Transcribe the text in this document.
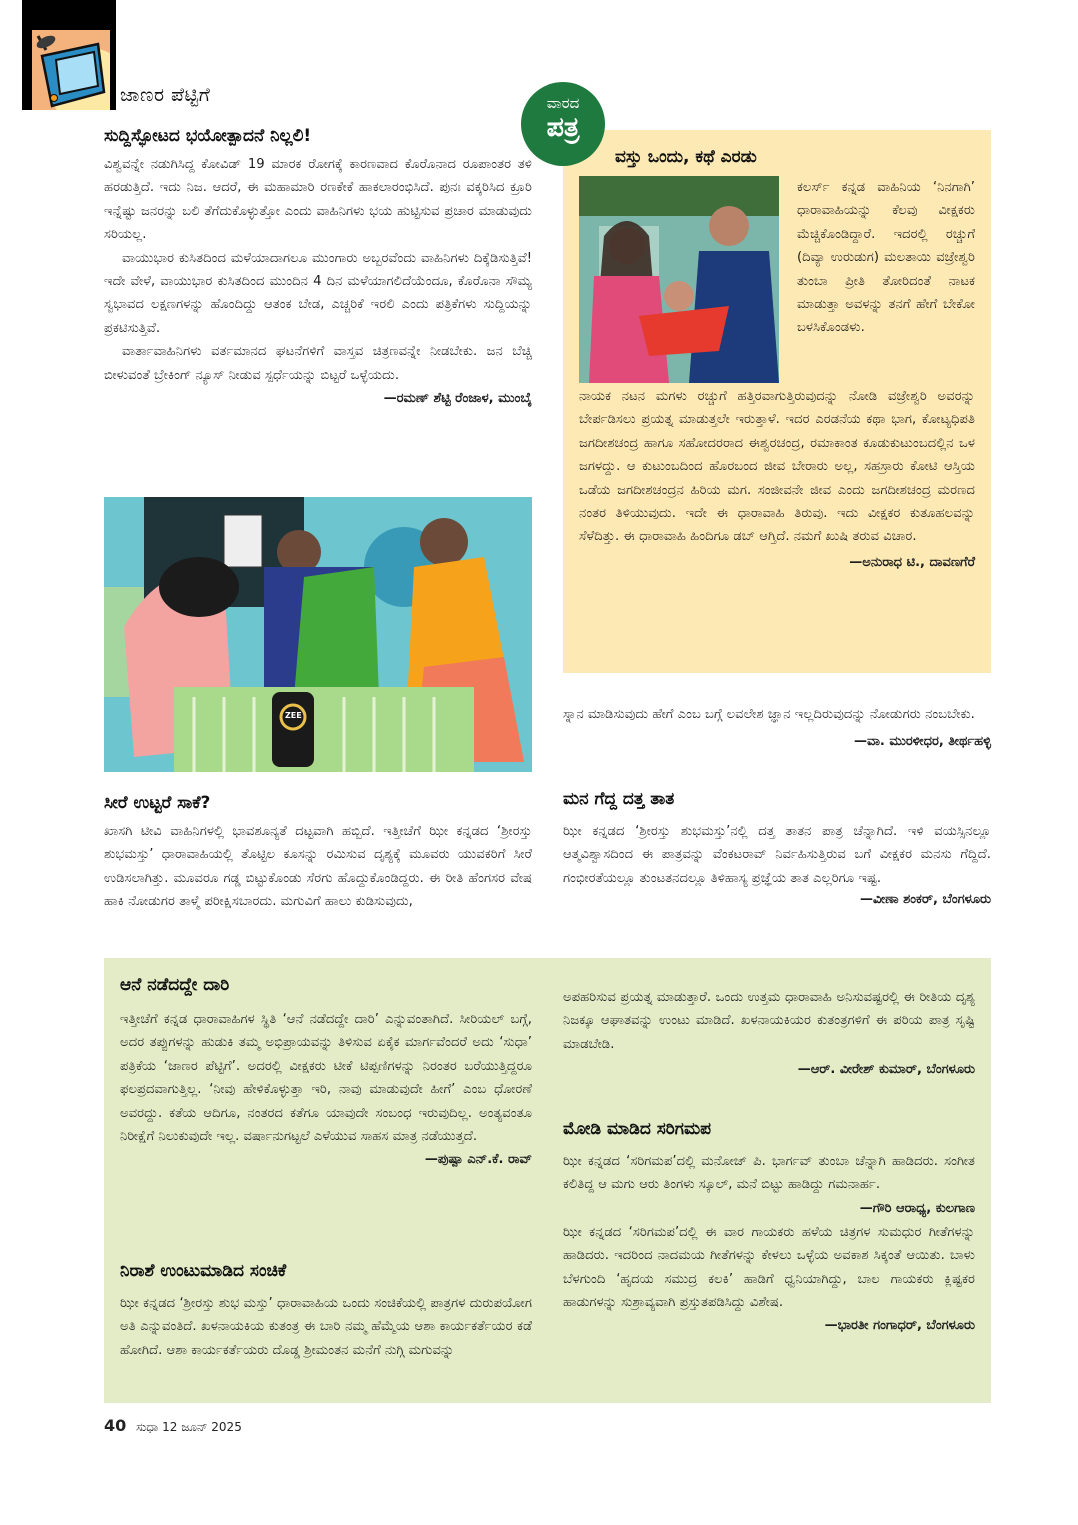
ಜಾಣರ ಪೆಟ್ಟಿಗೆ	ವಾರದ
ಪತ್ರ
ಸುದ್ದಿಸ್ಫೋಟದ ಭಯೋತ್ಪಾದನೆ ನಿಲ್ಲಲಿ!

ವಿಶ್ವವನ್ನೇ ನಡುಗಿಸಿದ್ದ ಕೋವಿಡ್ 19 ಮಾರಕ ರೋಗಕ್ಕೆ ಕಾರಣವಾದ ಕೊರೊನಾದ ರೂಪಾಂತರ ತಳಿ ಹರಡುತ್ತಿದೆ. ಇದು ನಿಜ. ಆದರೆ, ಈ ಮಹಾಮಾರಿ ರಣಕೇಕೆ ಹಾಕಲಾರಂಭಿಸಿದೆ. ಪುನಃ ವಕ್ಕರಿಸಿದ ಕ್ರೂರಿ ಇನ್ನೆಷ್ಟು ಜನರನ್ನು ಬಲಿ ತೆಗೆದುಕೊಳ್ಳುತ್ತೋ ಎಂದು ವಾಹಿನಿಗಳು ಭಯ ಹುಟ್ಟಿಸುವ ಪ್ರಚಾರ ಮಾಡುವುದು ಸರಿಯಲ್ಲ.

ವಾಯುಭಾರ ಕುಸಿತದಿಂದ ಮಳೆಯಾದಾಗಲೂ ಮುಂಗಾರು ಅಬ್ಬರವೆಂದು ವಾಹಿನಿಗಳು ದಿಕ್ಕೆಡಿಸುತ್ತಿವೆ! ಇದೇ ವೇಳೆ, ವಾಯುಭಾರ ಕುಸಿತದಿಂದ ಮುಂದಿನ 4 ದಿನ ಮಳೆಯಾಗಲಿದೆಯೆಂದೂ, ಕೊರೊನಾ ಸೌಮ್ಯ ಸ್ವಭಾವದ ಲಕ್ಷಣಗಳನ್ನು ಹೊಂದಿದ್ದು ಆತಂಕ ಬೇಡ, ಎಚ್ಚರಿಕೆ ಇರಲಿ ಎಂದು ಪತ್ರಿಕೆಗಳು ಸುದ್ದಿಯನ್ನು ಪ್ರಕಟಿಸುತ್ತಿವೆ.

ವಾರ್ತಾವಾಹಿನಿಗಳು ವರ್ತಮಾನದ ಘಟನೆಗಳಿಗೆ ವಾಸ್ತವ ಚಿತ್ರಣವನ್ನೇ ನೀಡಬೇಕು. ಜನ ಬೆಚ್ಚಿ ಬೀಳುವಂತೆ ಬ್ರೇಕಿಂಗ್ ನ್ಯೂಸ್ ನೀಡುವ ಸ್ಪರ್ಧೆಯನ್ನು ಬಿಟ್ಟರೆ ಒಳ್ಳೆಯದು.

—ರಮಣ್ ಶೆಟ್ಟಿ ರೆಂಜಾಳ, ಮುಂಬೈ
ZEE
ಸೀರೆ ಉಟ್ಟರೆ ಸಾಕೆ?

ಖಾಸಗಿ ಟೀವಿ ವಾಹಿನಿಗಳಲ್ಲಿ ಭಾವಶೂನ್ಯತೆ ದಟ್ಟವಾಗಿ ಹಬ್ಬಿದೆ. ಇತ್ತೀಚೆಗೆ ಝೀ ಕನ್ನಡದ ‘ಶ್ರೀರಸ್ತು ಶುಭಮಸ್ತು’ ಧಾರಾವಾಹಿಯಲ್ಲಿ ತೊಟ್ಟಿಲ ಕೂಸನ್ನು ರಮಿಸುವ ದೃಶ್ಯಕ್ಕೆ ಮೂವರು ಯುವಕರಿಗೆ ಸೀರೆ ಉಡಿಸಲಾಗಿತ್ತು. ಮೂವರೂ ಗಡ್ಡ ಬಿಟ್ಟುಕೊಂಡು ಸೆರಗು ಹೊದ್ದುಕೊಂಡಿದ್ದರು. ಈ ರೀತಿ ಹೆಂಗಸರ ವೇಷ ಹಾಕಿ ನೋಡುಗರ ತಾಳ್ಮೆ ಪರೀಕ್ಷಿಸಬಾರದು. ಮಗುವಿಗೆ ಹಾಲು ಕುಡಿಸುವುದು,

ವಸ್ತು ಒಂದು, ಕಥೆ ಎರಡು
ಕಲರ್ಸ್ ಕನ್ನಡ ವಾಹಿನಿಯ ‘ನಿನಗಾಗಿ’ ಧಾರಾವಾಹಿಯನ್ನು ಕೆಲವು ವೀಕ್ಷಕರು ಮೆಚ್ಚಿಕೊಂಡಿದ್ದಾರೆ. ಇದರಲ್ಲಿ ರಚ್ಚುಗೆ (ದಿವ್ಯಾ ಉರುಡುಗ) ಮಲತಾಯಿ ವಜ್ರೇಶ್ವರಿ ತುಂಬಾ ಪ್ರೀತಿ ತೋರಿದಂತೆ ನಾಟಕ ಮಾಡುತ್ತಾ ಅವಳನ್ನು ತನಗೆ ಹೇಗೆ ಬೇಕೋ ಬಳಸಿಕೊಂಡಳು.
ನಾಯಕ ನಟನ ಮಗಳು ರಚ್ಚುಗೆ ಹತ್ತಿರವಾಗುತ್ತಿರುವುದನ್ನು ನೋಡಿ ವಜ್ರೇಶ್ವರಿ ಅವರನ್ನು ಬೇರ್ಪಡಿಸಲು ಪ್ರಯತ್ನ ಮಾಡುತ್ತಲೇ ಇರುತ್ತಾಳೆ. ಇದರ ಎರಡನೆಯ ಕಥಾ ಭಾಗ, ಕೋಟ್ಯಧಿಪತಿ ಜಗದೀಶಚಂದ್ರ ಹಾಗೂ ಸಹೋದರರಾದ ಈಶ್ವರಚಂದ್ರ, ರಮಾಕಾಂತ ಕೂಡುಕುಟುಂಬದಲ್ಲಿನ ಒಳ ಜಗಳದ್ದು. ಆ ಕುಟುಂಬದಿಂದ ಹೊರಬಂದ ಜೀವ ಬೇರಾರು ಅಲ್ಲ, ಸಹಸ್ರಾರು ಕೋಟಿ ಆಸ್ತಿಯ ಒಡೆಯ ಜಗದೀಶಚಂದ್ರನ ಹಿರಿಯ ಮಗ. ಸಂಜೀವನೇ ಜೀವ ಎಂದು ಜಗದೀಶಚಂದ್ರ ಮರಣದ ನಂತರ ತಿಳಿಯುವುದು. ಇದೇ ಈ ಧಾರಾವಾಹಿ ತಿರುವು. ಇದು ವೀಕ್ಷಕರ ಕುತೂಹಲವನ್ನು ಸೆಳೆದಿತ್ತು. ಈ ಧಾರಾವಾಹಿ ಹಿಂದಿಗೂ ಡಬ್ ಆಗ್ತಿದೆ. ನಮಗೆ ಖುಷಿ ತರುವ ವಿಚಾರ.
—ಅನುರಾಧ ಟಿ., ದಾವಣಗೆರೆ
ಸ್ನಾನ ಮಾಡಿಸುವುದು ಹೇಗೆ ಎಂಬ ಬಗ್ಗೆ ಲವಲೇಶ ಜ್ಞಾನ ಇಲ್ಲದಿರುವುದನ್ನು ನೋಡುಗರು ನಂಬಬೇಕು.
—ವಾ. ಮುರಳೀಧರ, ತೀರ್ಥಹಳ್ಳಿ
ಮನ ಗೆದ್ದ ದತ್ತ ತಾತ
ಝೀ ಕನ್ನಡದ ‘ಶ್ರೀರಸ್ತು ಶುಭಮಸ್ತು’ನಲ್ಲಿ ದತ್ತ ತಾತನ ಪಾತ್ರ ಚೆನ್ನಾಗಿದೆ. ಇಳಿ ವಯಸ್ಸಿನಲ್ಲೂ ಆತ್ಮವಿಶ್ವಾಸದಿಂದ ಈ ಪಾತ್ರವನ್ನು ವೆಂಕಟರಾವ್ ನಿರ್ವಹಿಸುತ್ತಿರುವ ಬಗೆ ವೀಕ್ಷಕರ ಮನಸು ಗೆದ್ದಿದೆ. ಗಂಭೀರತೆಯಲ್ಲೂ ತುಂಟತನದಲ್ಲೂ ತಿಳಿಹಾಸ್ಯ ಪ್ರಜ್ಞೆಯ ತಾತ ಎಲ್ಲರಿಗೂ ಇಷ್ಟ.
—ವೀಣಾ ಶಂಕರ್, ಬೆಂಗಳೂರು
ಆನೆ ನಡೆದದ್ದೇ ದಾರಿ
ಇತ್ತೀಚೆಗೆ ಕನ್ನಡ ಧಾರಾವಾಹಿಗಳ ಸ್ಥಿತಿ ‘ಆನೆ ನಡೆದದ್ದೇ ದಾರಿ’ ಎನ್ನುವಂತಾಗಿದೆ. ಸೀರಿಯಲ್ ಬಗ್ಗೆ, ಅದರ ತಪ್ಪುಗಳನ್ನು ಹುಡುಕಿ ತಮ್ಮ ಅಭಿಪ್ರಾಯವನ್ನು ತಿಳಿಸುವ ಏಕೈಕ ಮಾರ್ಗವೆಂದರೆ ಅದು ‘ಸುಧಾ’ ಪತ್ರಿಕೆಯ ‘ಜಾಣರ ಪೆಟ್ಟಿಗೆ’. ಅದರಲ್ಲಿ ವೀಕ್ಷಕರು ಟೀಕೆ ಟಿಪ್ಪಣಿಗಳನ್ನು ನಿರಂತರ ಬರೆಯುತ್ತಿದ್ದರೂ ಫಲಪ್ರದವಾಗುತ್ತಿಲ್ಲ. ‘ನೀವು ಹೇಳಿಕೊಳ್ಳುತ್ತಾ ಇರಿ, ನಾವು ಮಾಡುವುದೇ ಹೀಗೆ’ ಎಂಬ ಧೋರಣೆ ಅವರದ್ದು. ಕತೆಯ ಆದಿಗೂ, ನಂತರದ ಕತೆಗೂ ಯಾವುದೇ ಸಂಬಂಧ ಇರುವುದಿಲ್ಲ. ಅಂತ್ಯವಂತೂ ನಿರೀಕ್ಷೆಗೆ ನಿಲುಕುವುದೇ ಇಲ್ಲ. ವರ್ಷಾನುಗಟ್ಟಲೆ ಎಳೆಯುವ ಸಾಹಸ ಮಾತ್ರ ನಡೆಯುತ್ತದೆ.
—ಪುಷ್ಪಾ ಎನ್.ಕೆ. ರಾವ್
ನಿರಾಶೆ ಉಂಟುಮಾಡಿದ ಸಂಚಿಕೆ
ಝೀ ಕನ್ನಡದ ‘ಶ್ರೀರಸ್ತು ಶುಭ ಮಸ್ತು’ ಧಾರಾವಾಹಿಯ ಒಂದು ಸಂಚಿಕೆಯಲ್ಲಿ ಪಾತ್ರಗಳ ದುರುಪಯೋಗ ಅತಿ ಎನ್ನುವಂತಿದೆ. ಖಳನಾಯಕಿಯ ಕುತಂತ್ರ ಈ ಬಾರಿ ನಮ್ಮ ಹೆಮ್ಮೆಯ ಆಶಾ ಕಾರ್ಯಕರ್ತೆಯರ ಕಡೆ ಹೋಗಿದೆ. ಆಶಾ ಕಾರ್ಯಕರ್ತೆಯರು ದೊಡ್ಡ ಶ್ರೀಮಂತನ ಮನೆಗೆ ನುಗ್ಗಿ ಮಗುವನ್ನು
ಅಪಹರಿಸುವ ಪ್ರಯತ್ನ ಮಾಡುತ್ತಾರೆ. ಒಂದು ಉತ್ತಮ ಧಾರಾವಾಹಿ ಅನಿಸುವಷ್ಟರಲ್ಲಿ ಈ ರೀತಿಯ ದೃಶ್ಯ ನಿಜಕ್ಕೂ ಆಘಾತವನ್ನು ಉಂಟು ಮಾಡಿದೆ. ಖಳನಾಯಕಿಯರ ಕುತಂತ್ರಗಳಿಗೆ ಈ ಪರಿಯ ಪಾತ್ರ ಸೃಷ್ಟಿ ಮಾಡಬೇಡಿ.
—ಆರ್. ವೀರೇಶ್ ಕುಮಾರ್, ಬೆಂಗಳೂರು
ಮೋಡಿ ಮಾಡಿದ ಸರಿಗಮಪ
ಝೀ ಕನ್ನಡದ ‘ಸರಿಗಮಪ’ದಲ್ಲಿ ಮನೋಜ್ ಪಿ. ಭಾರ್ಗವ್ ತುಂಬಾ ಚೆನ್ನಾಗಿ ಹಾಡಿದರು. ಸಂಗೀತ ಕಲಿತಿದ್ದ ಆ ಮಗು ಆರು ತಿಂಗಳು ಸ್ಕೂಲ್, ಮನೆ ಬಿಟ್ಟು ಹಾಡಿದ್ದು ಗಮನಾರ್ಹ.
—ಗೌರಿ ಆರಾಧ್ಯ, ಕುಲಗಾಣ
ಝೀ ಕನ್ನಡದ ‘ಸರಿಗಮಪ’ದಲ್ಲಿ ಈ ವಾರ ಗಾಯಕರು ಹಳೆಯ ಚಿತ್ರಗಳ ಸುಮಧುರ ಗೀತೆಗಳನ್ನು ಹಾಡಿದರು. ಇದರಿಂದ ನಾದಮಯ ಗೀತೆಗಳನ್ನು ಕೇಳಲು ಒಳ್ಳೆಯ ಅವಕಾಶ ಸಿಕ್ಕಂತೆ ಆಯಿತು. ಬಾಳು ಬೆಳಗುಂದಿ ‘ಹೃದಯ ಸಮುದ್ರ ಕಲಕಿ’ ಹಾಡಿಗೆ ಧ್ವನಿಯಾಗಿದ್ದು, ಬಾಲ ಗಾಯಕರು ಕ್ಲಿಷ್ಟಕರ ಹಾಡುಗಳನ್ನು ಸುಶ್ರಾವ್ಯವಾಗಿ ಪ್ರಸ್ತುತಪಡಿಸಿದ್ದು ವಿಶೇಷ.
—ಭಾರತೀ ಗಂಗಾಧರ್, ಬೆಂಗಳೂರು
40 ಸುಧಾ 12 ಜೂನ್ 2025
